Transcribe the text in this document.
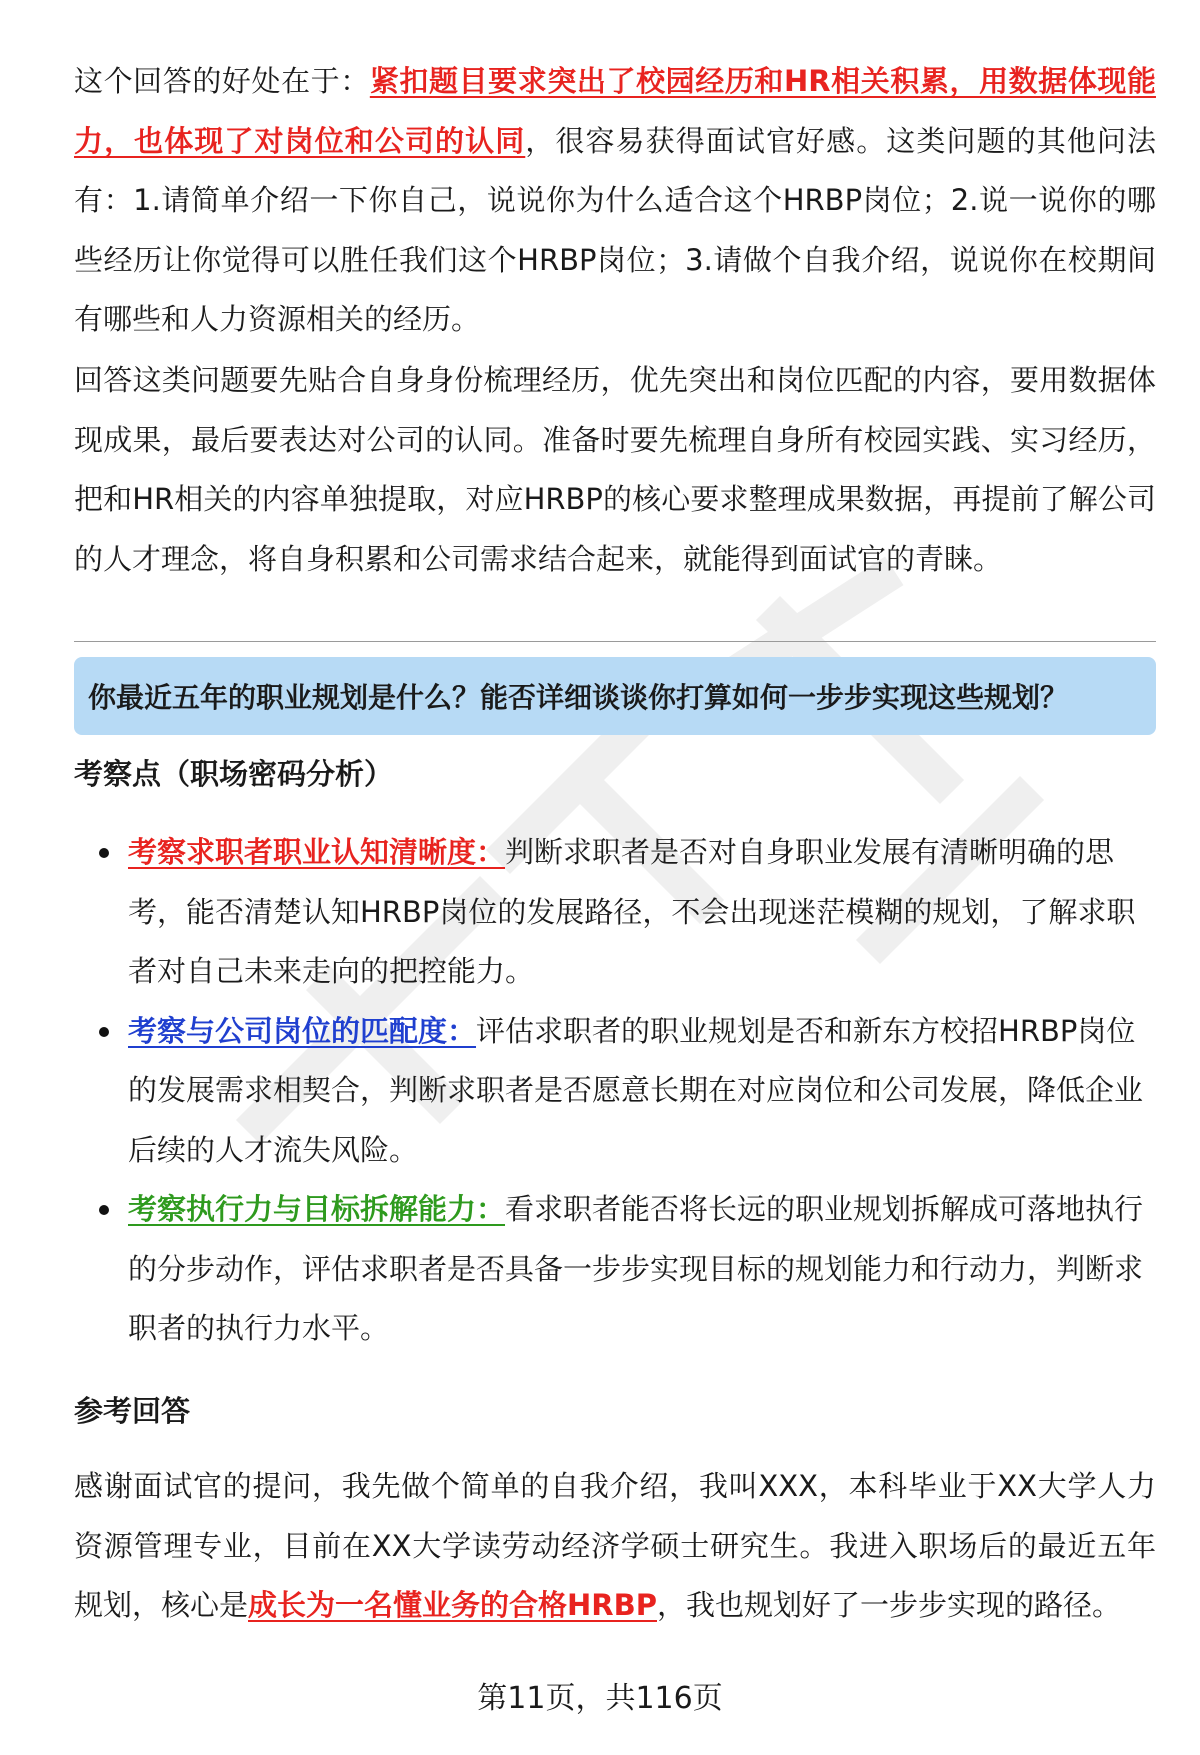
这个回答的好处在于：紧扣题目要求突出了校园经历和HR相关积累，用数据体现能力，也体现了对岗位和公司的认同，很容易获得面试官好感。这类问题的其他问法有：1.请简单介绍一下你自己，说说你为什么适合这个HRBP岗位；2.说一说你的哪些经历让你觉得可以胜任我们这个HRBP岗位；3.请做个自我介绍，说说你在校期间有哪些和人力资源相关的经历。

回答这类问题要先贴合自身身份梳理经历，优先突出和岗位匹配的内容，要用数据体现成果，最后要表达对公司的认同。准备时要先梳理自身所有校园实践、实习经历，把和HR相关的内容单独提取，对应HRBP的核心要求整理成果数据，再提前了解公司的人才理念，将自身积累和公司需求结合起来，就能得到面试官的青睐。

你最近五年的职业规划是什么？能否详细谈谈你打算如何一步步实现这些规划？
考察点（职场密码分析）
考察求职者职业认知清晰度：判断求职者是否对自身职业发展有清晰明确的思考，能否清楚认知HRBP岗位的发展路径，不会出现迷茫模糊的规划，了解求职者对自己未来走向的把控能力。
考察与公司岗位的匹配度：评估求职者的职业规划是否和新东方校招HRBP岗位的发展需求相契合，判断求职者是否愿意长期在对应岗位和公司发展，降低企业后续的人才流失风险。
考察执行力与目标拆解能力：看求职者能否将长远的职业规划拆解成可落地执行的分步动作，评估求职者是否具备一步步实现目标的规划能力和行动力，判断求职者的执行力水平。
参考回答

感谢面试官的提问，我先做个简单的自我介绍，我叫XXX，本科毕业于XX大学人力资源管理专业，目前在XX大学读劳动经济学硕士研究生。我进入职场后的最近五年规划，核心是成长为一名懂业务的合格HRBP，我也规划好了一步步实现的路径。

第11页，共116页
